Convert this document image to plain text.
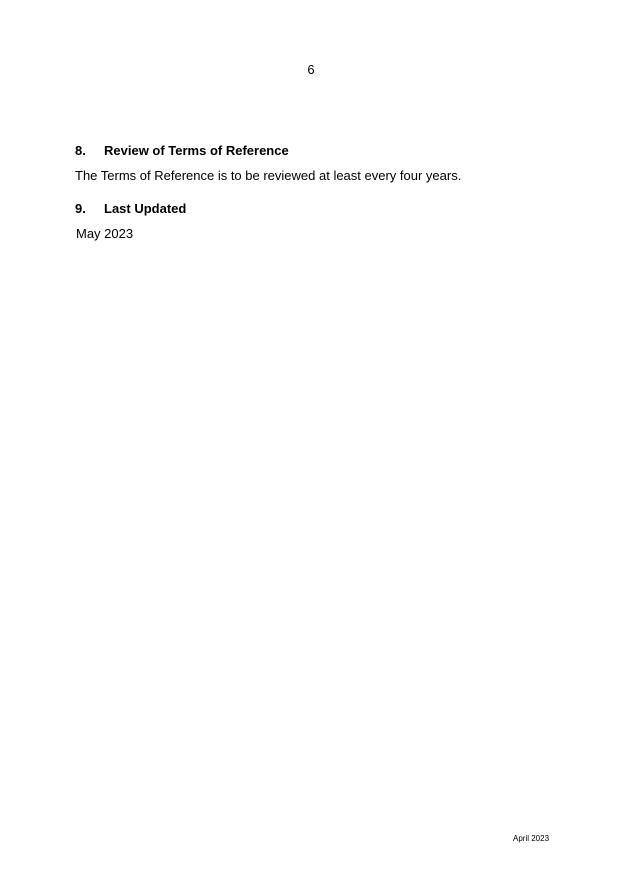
6
8. Review of Terms of Reference
The Terms of Reference is to be reviewed at least every four years.
9. Last Updated
May 2023
April 2023
